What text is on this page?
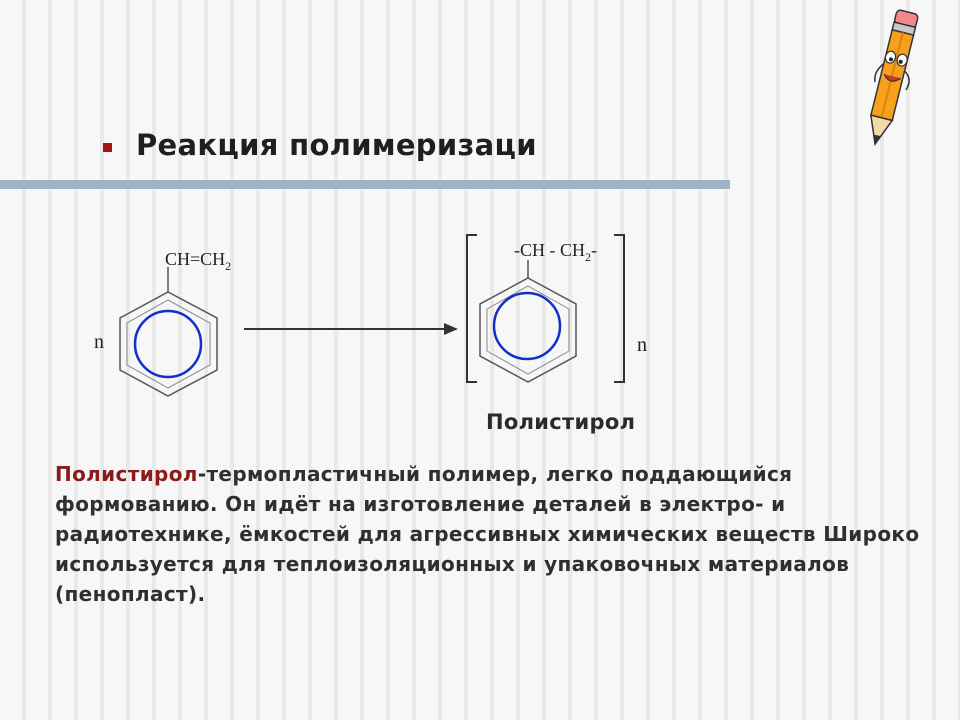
Реакция полимеризаци
$CH=CH_2$
n
$-CH - CH_2-$
n
Полистирол
Полистирол-термопластичный полимер, легко поддающийся формованию. Он идёт на изготовление деталей в электро- и радиотехнике, ёмкостей для агрессивных химических веществ Широко используется для теплоизоляционных и упаковочных материалов (пенопласт).
